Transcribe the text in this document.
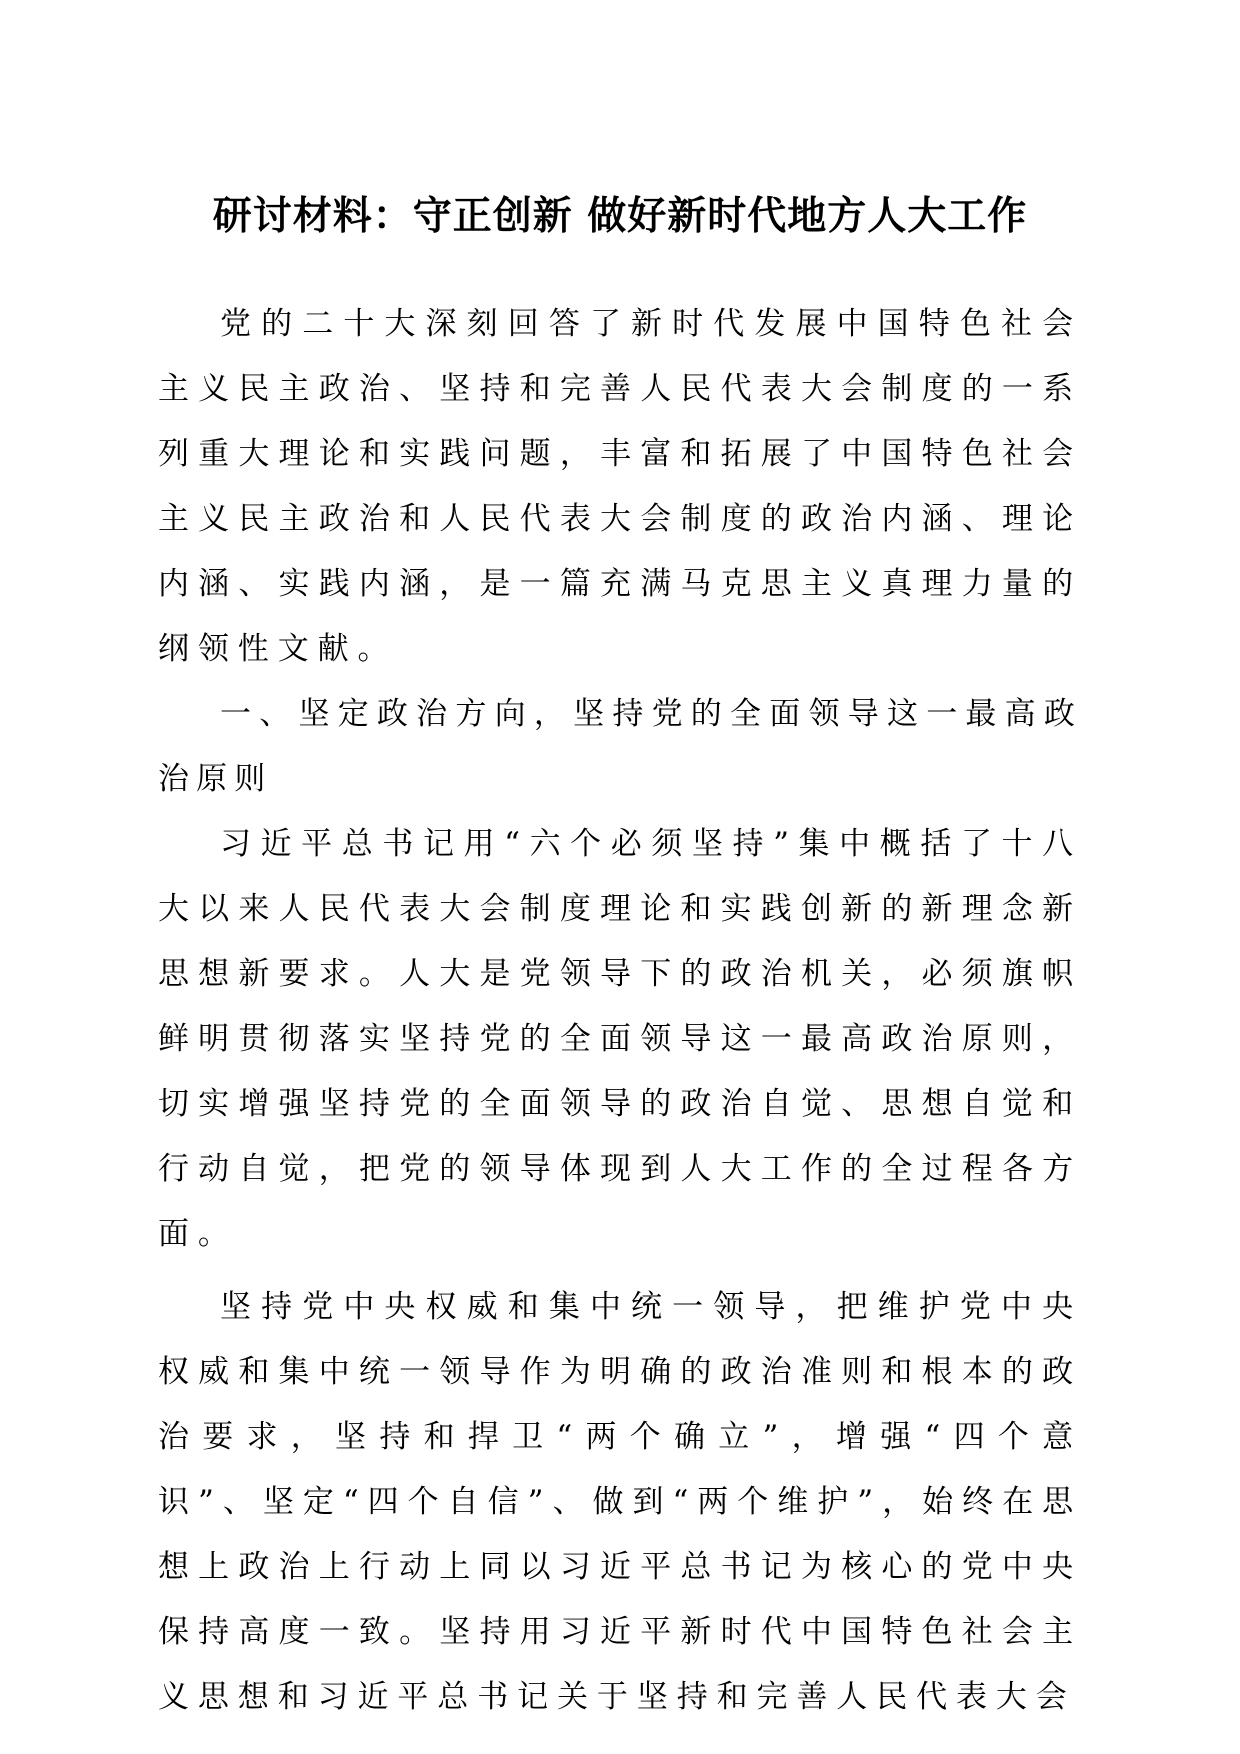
研讨材料：守正创新 做好新时代地方人大工作

党的二十大深刻回答了新时代发展中国特色社会主义民主政治、坚持和完善人民代表大会制度的一系列重大理论和实践问题，丰富和拓展了中国特色社会主义民主政治和人民代表大会制度的政治内涵、理论内涵、实践内涵，是一篇充满马克思主义真理力量的纲领性文献。

一、坚定政治方向，坚持党的全面领导这一最高政治原则

习近平总书记用“六个必须坚持”集中概括了十八大以来人民代表大会制度理论和实践创新的新理念新思想新要求。人大是党领导下的政治机关，必须旗帜鲜明贯彻落实坚持党的全面领导这一最高政治原则，切实增强坚持党的全面领导的政治自觉、思想自觉和行动自觉，把党的领导体现到人大工作的全过程各方面。

坚持党中央权威和集中统一领导，把维护党中央权威和集中统一领导作为明确的政治准则和根本的政治要求，坚持和捍卫“两个确立”，增强“四个意识”、坚定“四个自信”、做到“两个维护”，始终在思想上政治上行动上同以习近平总书记为核心的党中央保持高度一致。坚持用习近平新时代中国特色社会主义思想和习近平总书记关于坚持和完善人民代表大会
